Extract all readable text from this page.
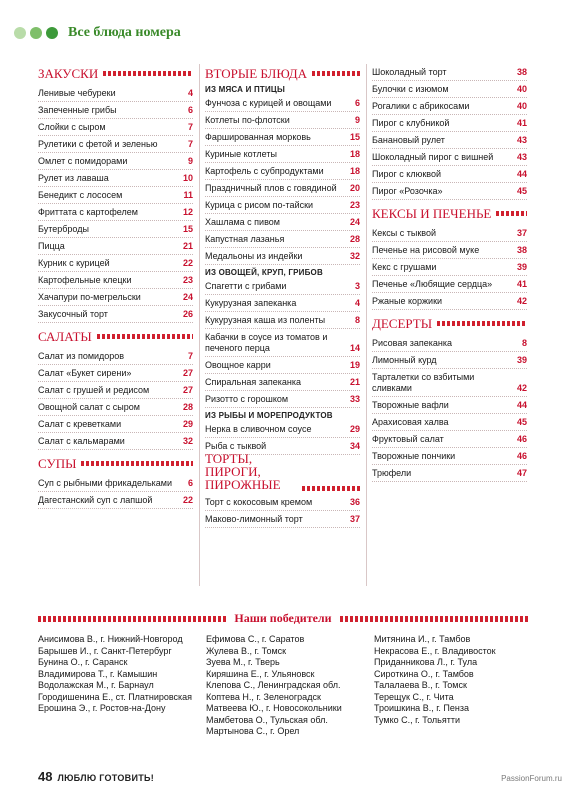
Все блюда номера
ЗАКУСКИ
Ленивые чебуреки	4
Запеченные грибы	6
Слойки с сыром	7
Рулетики с фетой и зеленью	7
Омлет с помидорами	9
Рулет из лаваша	10
Бенедикт с лососем	11
Фриттата с картофелем	12
Бутерброды	15
Пицца	21
Курник с курицей	22
Картофельные клецки	23
Хачапури по-мегрельски	24
Закусочный торт	26
САЛАТЫ
Салат из помидоров	7
Салат «Букет сирени»	27
Салат с грушей и редисом	27
Овощной салат с сыром	28
Салат с креветками	29
Салат с кальмарами	32
СУПЫ
Суп с рыбными фрикадельками	6
Дагестанский суп с лапшой	22
ВТОРЫЕ БЛЮДА
ИЗ МЯСА И ПТИЦЫ
Фунчоза с курицей и овощами	6
Котлеты по-флотски	9
Фаршированная морковь	15
Куриные котлеты	18
Картофель с субпродуктами	18
Праздничный плов с говядиной	20
Курица с рисом по-тайски	23
Хашлама с пивом	24
Капустная лазанья	28
Медальоны из индейки	32
ИЗ ОВОЩЕЙ, КРУП, ГРИБОВ
Спагетти с грибами	3
Кукурузная запеканка	4
Кукурузная каша из поленты	8
Кабачки в соусе из томатов и печеного перца	14
Овощное карри	19
Спиральная запеканка	21
Ризотто с горошком	33
ИЗ РЫБЫ И МОРЕПРОДУКТОВ
Нерка в сливочном соусе	29
Рыба с тыквой	34
ТОРТЫ, ПИРОГИ, ПИРОЖНЫЕ
Торт с кокосовым кремом	36
Маково-лимонный торт	37
Шоколадный торт	38
Булочки с изюмом	40
Рогалики с абрикосами	40
Пирог с клубникой	41
Банановый рулет	43
Шоколадный пирог с вишней	43
Пирог с клюквой	44
Пирог «Розочка»	45
КЕКСЫ И ПЕЧЕНЬЕ
Кексы с тыквой	37
Печенье на рисовой муке	38
Кекс с грушами	39
Печенье «Любящие сердца»	41
Ржаные коржики	42
ДЕСЕРТЫ
Рисовая запеканка	8
Лимонный курд	39
Тарталетки со взбитыми сливками	42
Творожные вафли	44
Арахисовая халва	45
Фруктовый салат	46
Творожные пончики	46
Трюфели	47
Наши победители
Анисимова В., г. Нижний-Новгород
Барышев И., г. Санкт-Петербург
Бунина О., г. Саранск
Владимирова Т., г. Камышин
Водолажская М., г. Барнаул
Городишенина Е., ст. Платнировская
Ерошина Э., г. Ростов-на-Дону
Ефимова С., г. Саратов
Жулева В., г. Томск
Зуева М., г. Тверь
Киряшина Е., г. Ульяновск
Клепова С., Ленинградская обл.
Коптева Н., г. Зеленоградск
Матвеева Ю., г. Новосокольники
Мамбетова О., Тульская обл.
Мартынова С., г. Орел
Митянина И., г. Тамбов
Некрасова Е., г. Владивосток
Приданникова Л., г. Тула
Сироткина О., г. Тамбов
Талалаева В., г. Томск
Терещук С., г. Чита
Троишкина В., г. Пенза
Тумко С., г. Тольятти
48 ЛЮБЛЮ ГОТОВИТЬ!	PassionForum.ru
